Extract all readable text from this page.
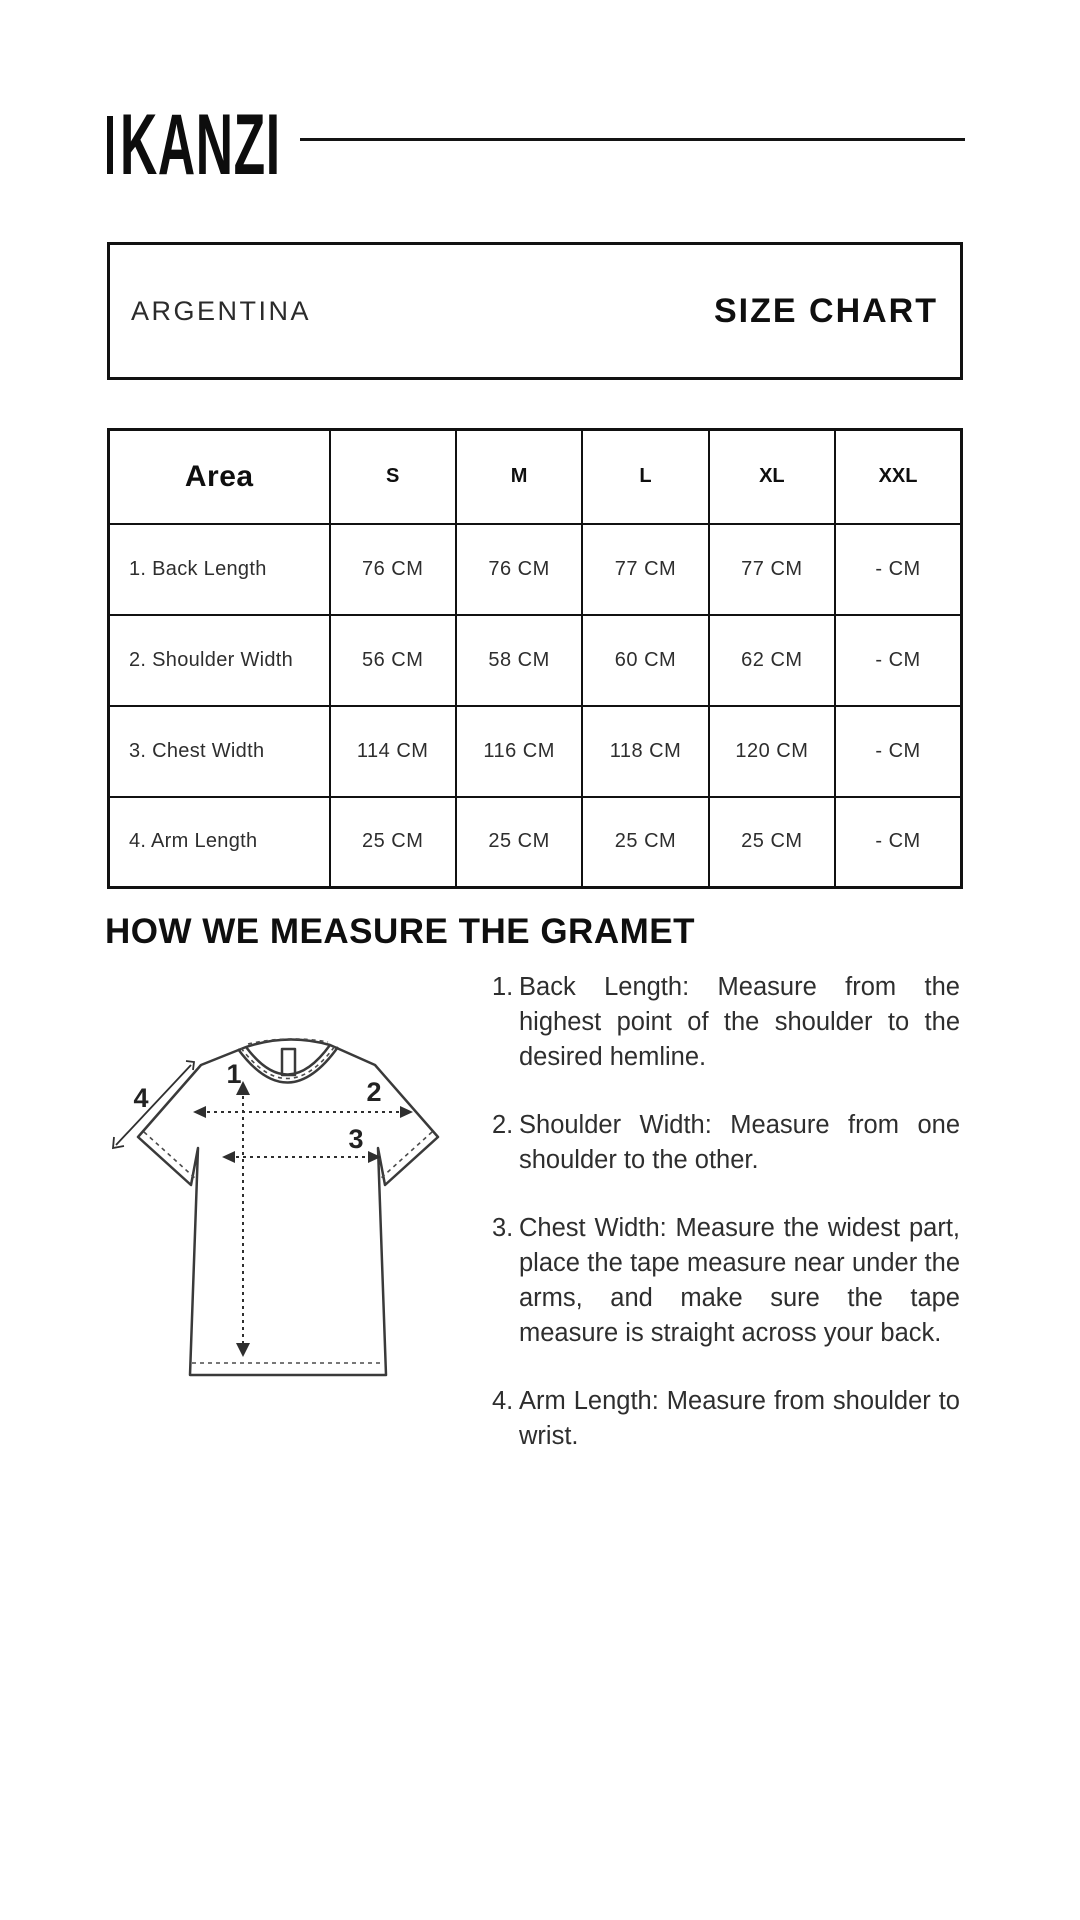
KANZI
ARGENTINA	SIZE CHART
Area	S	M	L	XL	XXL
1. Back Length	76 CM	76 CM	77 CM	77 CM	- CM
2. Shoulder Width	56 CM	58 CM	60 CM	62 CM	- CM
3. Chest Width	114 CM	116 CM	118 CM	120 CM	- CM
4. Arm Length	25 CM	25 CM	25 CM	25 CM	- CM
HOW WE MEASURE THE GRAMET
1
2
3
4
1. Back Length: Measure from the highest point of the shoulder to the desired hemline.
2. Shoulder Width: Measure from one shoulder to the other.
3. Chest Width: Measure the widest part, place the tape measure near under the arms, and make sure the tape measure is straight across your back.
4. Arm Length: Measure from shoulder to wrist.
